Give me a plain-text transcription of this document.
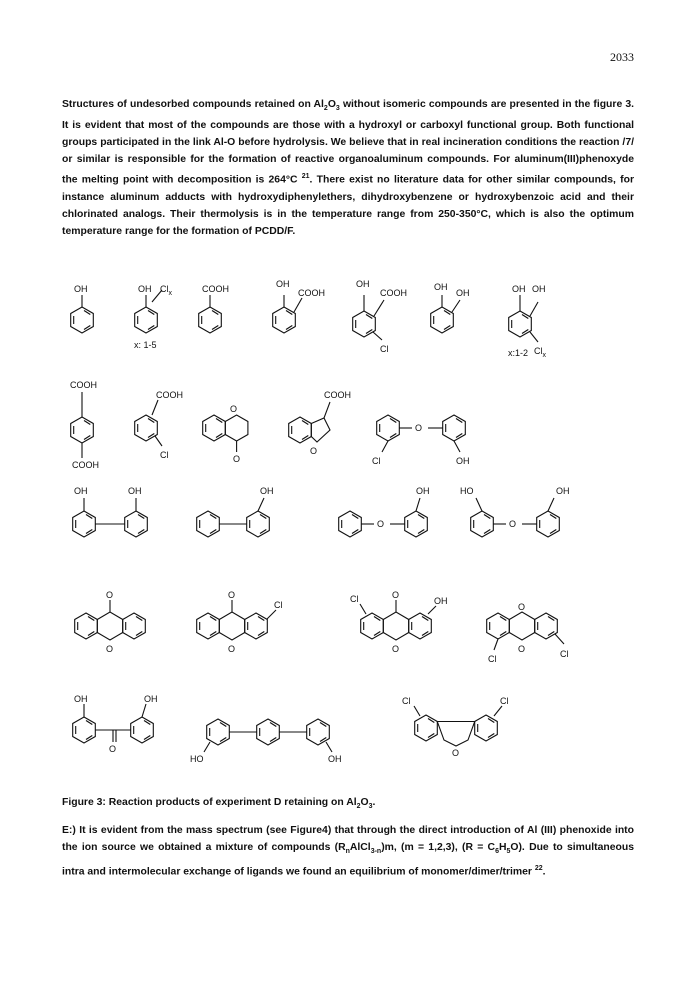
2033
Structures of undesorbed compounds retained on $Al_2O_3$ without isomeric compounds are presented in the figure 3. It is evident that most of the compounds are those with a hydroxyl or carboxyl functional group. Both functional groups participated in the link Al-O before hydrolysis. We believe that in real incineration conditions the reaction /7/ or similar is responsible for the formation of reactive organoaluminum compounds. For aluminum(III)phenoxyde the melting point with decomposition is 264°C $^{21}$. There exist no literature data for other similar compounds, for instance aluminum adducts with hydroxydiphenylethers, dihydroxybenzene or hydroxybenzoic acid and their chlorinated analogs. Their thermolysis is in the temperature range from 250-350°C, which is also the optimum temperature range for the formation of PCDD/F.
OH	OH $Cl_x$
x: 1-5
COOH	OH
COOH
OH
COOH
Cl
OH
OH	OH OH
$Cl_x$
x:1-2
COOH
COOH
COOH
Cl
O
O
COOH
O
O
Cl	OH
OH	OH	OH
O
OH
O
HO	OH
O
O
O
O
Cl
O
O
Cl	OH
O
O
Cl	Cl
OH	OH
O
HO	OH
Cl	Cl
O
Figure 3: Reaction products of experiment D retaining on $Al_2O_3$.
E:) It is evident from the mass spectrum (see Figure4) that through the direct introduction of Al (III) phenoxide into the ion source we obtained a mixture of compounds $(R_nAlCl_{3-n})m$, (m = 1,2,3), $(R = C_6H_5O)$. Due to simultaneous intra and intermolecular exchange of ligands we found an equilibrium of monomer/dimer/trimer $^{22}$.
